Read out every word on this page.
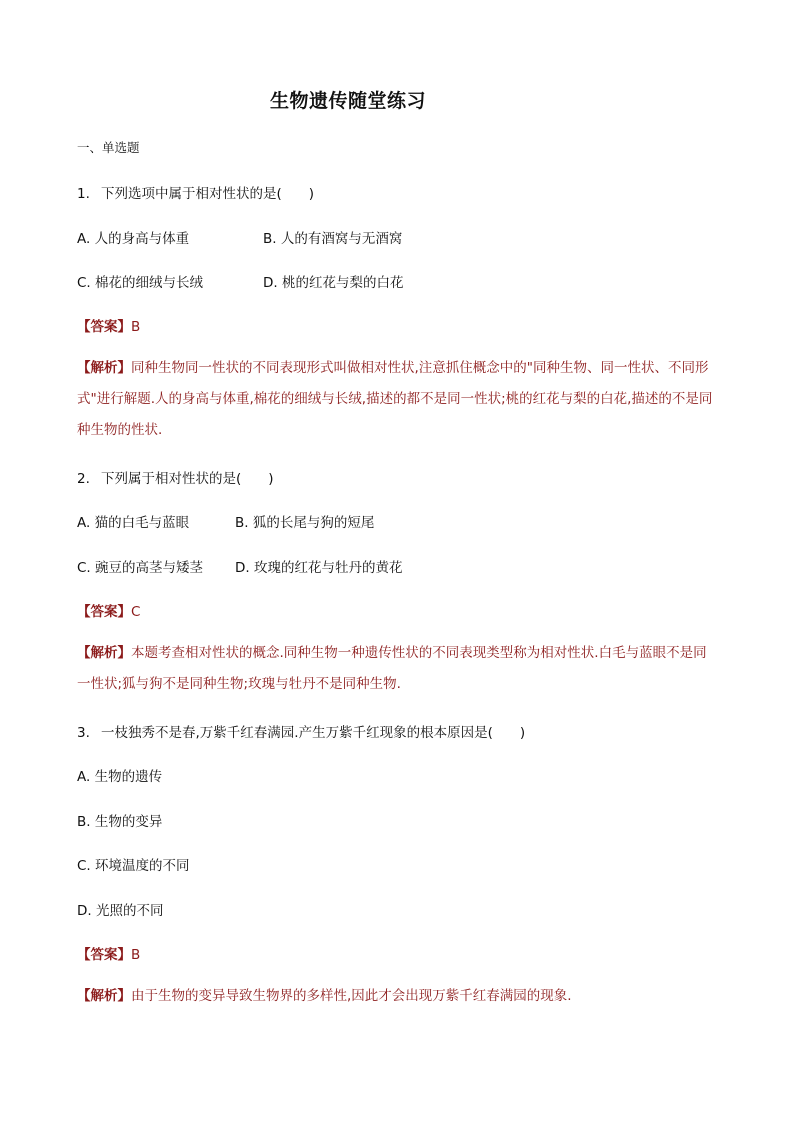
生物遗传随堂练习
一、单选题
1. 下列选项中属于相对性状的是(　　)
A. 人的身高与体重	B. 人的有酒窝与无酒窝
C. 棉花的细绒与长绒	D. 桃的红花与梨的白花
【答案】B
【解析】同种生物同一性状的不同表现形式叫做相对性状,注意抓住概念中的"同种生物、同一性状、不同形式"进行解题.人的身高与体重,棉花的细绒与长绒,描述的都不是同一性状;桃的红花与梨的白花,描述的不是同种生物的性状.
2. 下列属于相对性状的是(　　)
A. 猫的白毛与蓝眼	B. 狐的长尾与狗的短尾
C. 豌豆的高茎与矮茎 D. 玫瑰的红花与牡丹的黄花
【答案】C
【解析】本题考查相对性状的概念.同种生物一种遗传性状的不同表现类型称为相对性状.白毛与蓝眼不是同一性状;狐与狗不是同种生物;玫瑰与牡丹不是同种生物.
3. 一枝独秀不是春,万紫千红春满园.产生万紫千红现象的根本原因是(　　)
A. 生物的遗传
B. 生物的变异
C. 环境温度的不同
D. 光照的不同
【答案】B
【解析】由于生物的变异导致生物界的多样性,因此才会出现万紫千红春满园的现象.
